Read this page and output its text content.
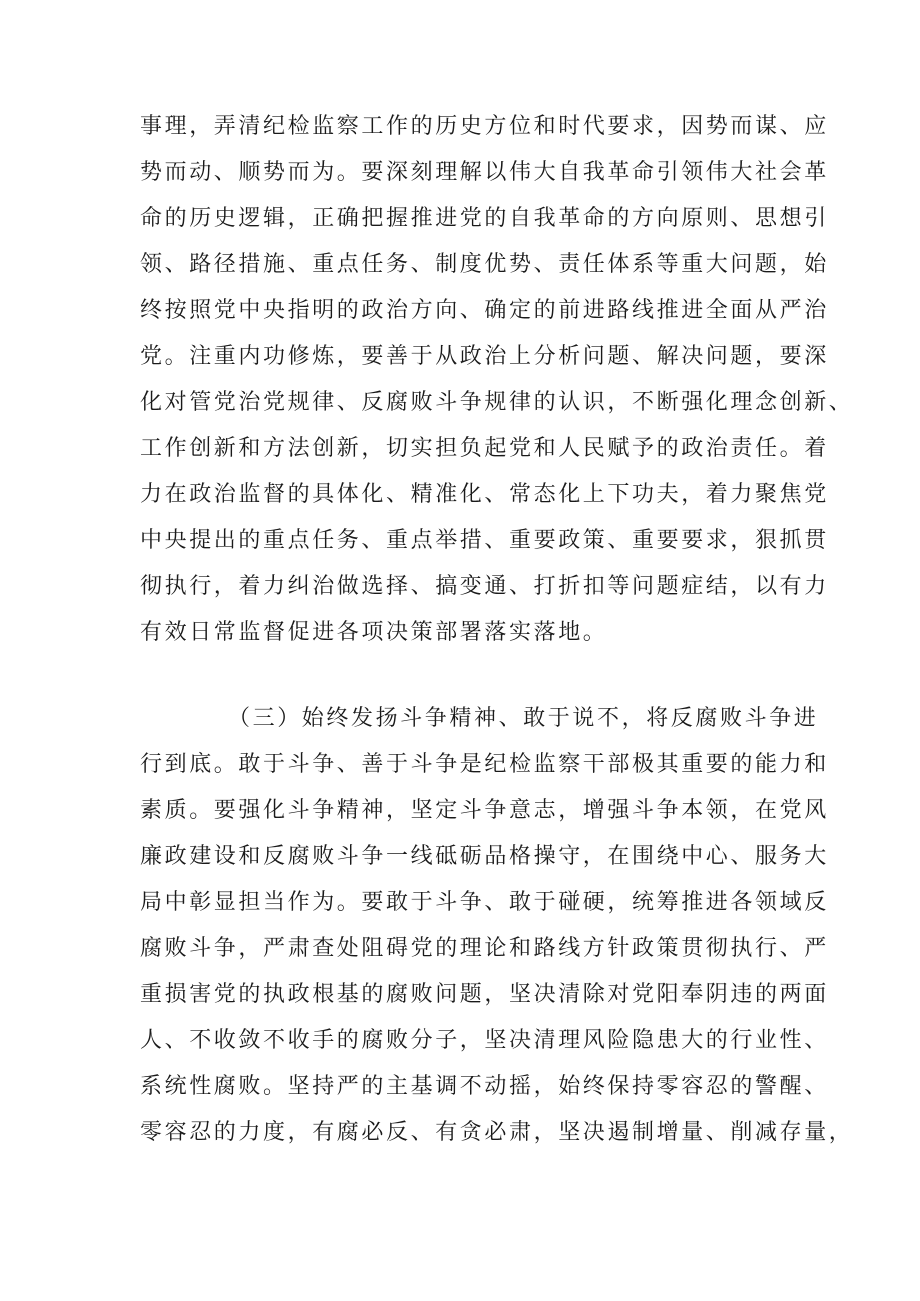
事理，弄清纪检监察工作的历史方位和时代要求，因势而谋、应
势而动、顺势而为。要深刻理解以伟大自我革命引领伟大社会革
命的历史逻辑，正确把握推进党的自我革命的方向原则、思想引
领、路径措施、重点任务、制度优势、责任体系等重大问题，始
终按照党中央指明的政治方向、确定的前进路线推进全面从严治
党。注重内功修炼，要善于从政治上分析问题、解决问题，要深
化对管党治党规律、反腐败斗争规律的认识，不断强化理念创新、
工作创新和方法创新，切实担负起党和人民赋予的政治责任。着
力在政治监督的具体化、精准化、常态化上下功夫，着力聚焦党
中央提出的重点任务、重点举措、重要政策、重要要求，狠抓贯
彻执行，着力纠治做选择、搞变通、打折扣等问题症结，以有力
有效日常监督促进各项决策部署落实落地。
（三）始终发扬斗争精神、敢于说不，将反腐败斗争进
行到底。敢于斗争、善于斗争是纪检监察干部极其重要的能力和
素质。要强化斗争精神，坚定斗争意志，增强斗争本领，在党风
廉政建设和反腐败斗争一线砥砺品格操守，在围绕中心、服务大
局中彰显担当作为。要敢于斗争、敢于碰硬，统筹推进各领域反
腐败斗争，严肃查处阻碍党的理论和路线方针政策贯彻执行、严
重损害党的执政根基的腐败问题，坚决清除对党阳奉阴违的两面
人、不收敛不收手的腐败分子，坚决清理风险隐患大的行业性、
系统性腐败。坚持严的主基调不动摇，始终保持零容忍的警醒、
零容忍的力度，有腐必反、有贪必肃，坚决遏制增量、削减存量，
